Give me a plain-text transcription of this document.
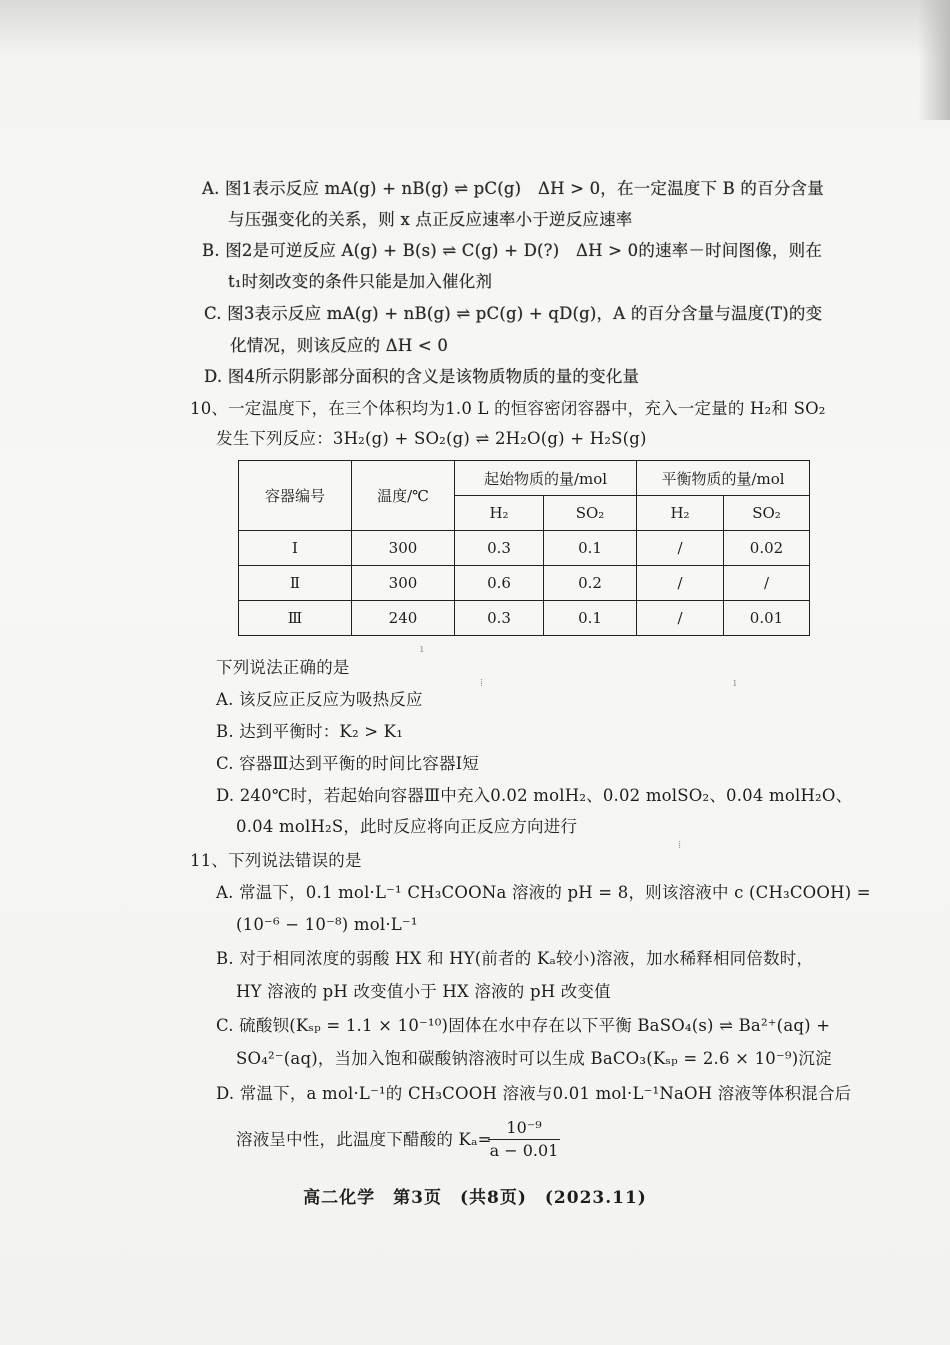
A. 图1表示反应 mA(g) + nB(g) ⇌ pC(g)　ΔH > 0，在一定温度下 B 的百分含量
与压强变化的关系，则 x 点正反应速率小于逆反应速率
B. 图2是可逆反应 A(g) + B(s) ⇌ C(g) + D(?)　ΔH > 0的速率－时间图像，则在
t₁时刻改变的条件只能是加入催化剂
C. 图3表示反应 mA(g) + nB(g) ⇌ pC(g) + qD(g)，A 的百分含量与温度(T)的变
化情况，则该反应的 ΔH < 0
D. 图4所示阴影部分面积的含义是该物质物质的量的变化量
10、一定温度下，在三个体积均为1.0 L 的恒容密闭容器中，充入一定量的 H₂和 SO₂
发生下列反应：3H₂(g) + SO₂(g) ⇌ 2H₂O(g) + H₂S(g)
容器编号	温度/℃	起始物质的量/mol		平衡物质的量/mol	
		H₂	SO₂	H₂	SO₂
Ⅰ	300	0.3	0.1	/	0.02
Ⅱ	300	0.6	0.2	/	/
Ⅲ	240	0.3	0.1	/	0.01
下列说法正确的是
A. 该反应正反应为吸热反应
B. 达到平衡时：K₂ > K₁
C. 容器Ⅲ达到平衡的时间比容器Ⅰ短
D. 240℃时，若起始向容器Ⅲ中充入0.02 molH₂、0.02 molSO₂、0.04 molH₂O、
0.04 molH₂S，此时反应将向正反应方向进行
11、下列说法错误的是
A. 常温下，0.1 mol·L⁻¹ CH₃COONa 溶液的 pH = 8，则该溶液中 c (CH₃COOH) =
(10⁻⁶ − 10⁻⁸) mol·L⁻¹
B. 对于相同浓度的弱酸 HX 和 HY(前者的 Kₐ较小)溶液，加水稀释相同倍数时，
HY 溶液的 pH 改变值小于 HX 溶液的 pH 改变值
C. 硫酸钡(Kₛₚ = 1.1 × 10⁻¹⁰)固体在水中存在以下平衡 BaSO₄(s) ⇌ Ba²⁺(aq) +
SO₄²⁻(aq)，当加入饱和碳酸钠溶液时可以生成 BaCO₃(Kₛₚ = 2.6 × 10⁻⁹)沉淀
D. 常温下，a mol·L⁻¹的 CH₃COOH 溶液与0.01 mol·L⁻¹NaOH 溶液等体积混合后
溶液呈中性，此温度下醋酸的 Kₐ=
10⁻⁹
a − 0.01
高二化学　第3页　(共8页)　(2023.11)
⁞	ı
⁞
ı
